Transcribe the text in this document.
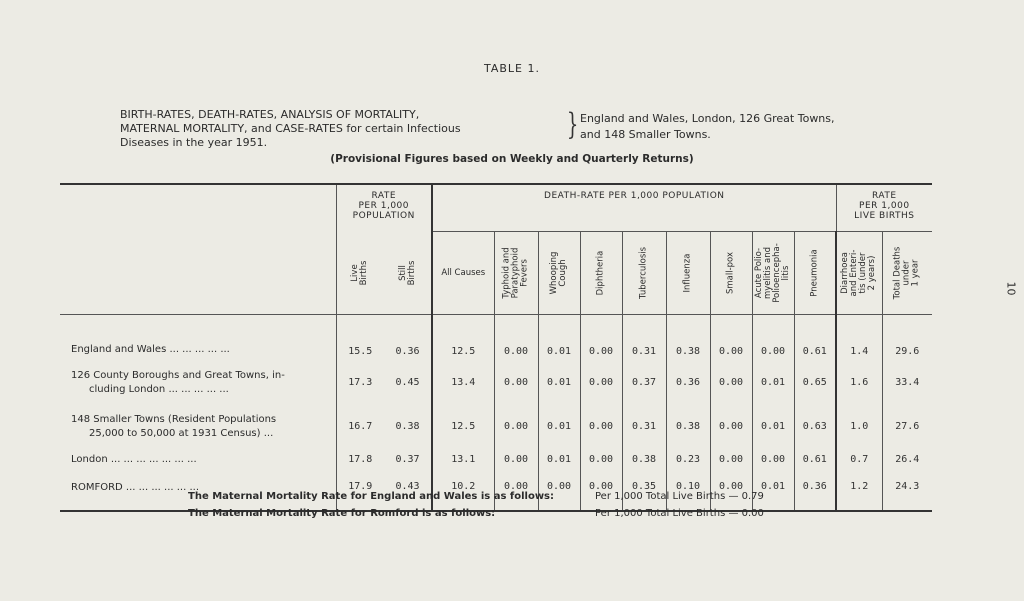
TABLE 1.
BIRTH-RATES, DEATH-RATES, ANALYSIS OF MORTALITY,
MATERNAL MORTALITY, and CASE-RATES for certain Infectious
Diseases in the year 1951.
} England and Wales, London, 126 Great Towns,
and 148 Smaller Towns.
(Provisional Figures based on Weekly and Quarterly Returns)
10
	RATE
PER 1,000
POPULATION		DEATH-RATE PER 1,000 POPULATION									RATE
PER 1,000
LIVE BIRTHS	

	Live
Births	Still
Births	All Causes	Typhoid and
Paratyphoid
Fevers	Whooping
Cough	Diphtheria	Tuberculosis	Influenza	Small-pox	Acute Polio-
myelitis and
Polioencepha-
litis	Pneumonia	Diarrhoea
and Enteri-
tis (under
2 years)	Total Deaths
under
1 year

England and Wales ... ... ... ... ...	15.5	0.36	12.5	0.00	0.01	0.00	0.31	0.38	0.00	0.00	0.61	1.4	29.6

126 County Boroughs and Great Towns, in-
cluding London ... ... ... ... ...	17.3	0.45	13.4	0.00	0.01	0.00	0.37	0.36	0.00	0.01	0.65	1.6	33.4

148 Smaller Towns (Resident Populations
25,000 to 50,000 at 1931 Census) ...	16.7	0.38	12.5	0.00	0.01	0.00	0.31	0.38	0.00	0.01	0.63	1.0	27.6

London ... ... ... ... ... ... ...	17.8	0.37	13.1	0.00	0.01	0.00	0.38	0.23	0.00	0.00	0.61	0.7	26.4

ROMFORD ... ... ... ... ... ...	17.9	0.43	10.2	0.00	0.00	0.00	0.35	0.10	0.00	0.01	0.36	1.2	24.3
The Maternal Mortality Rate for England and Wales is as follows:	Per 1,000 Total Live Births — 0.79
The Maternal Mortality Rate for Romford is as follows:	Per 1,000 Total Live Births — 0.00
